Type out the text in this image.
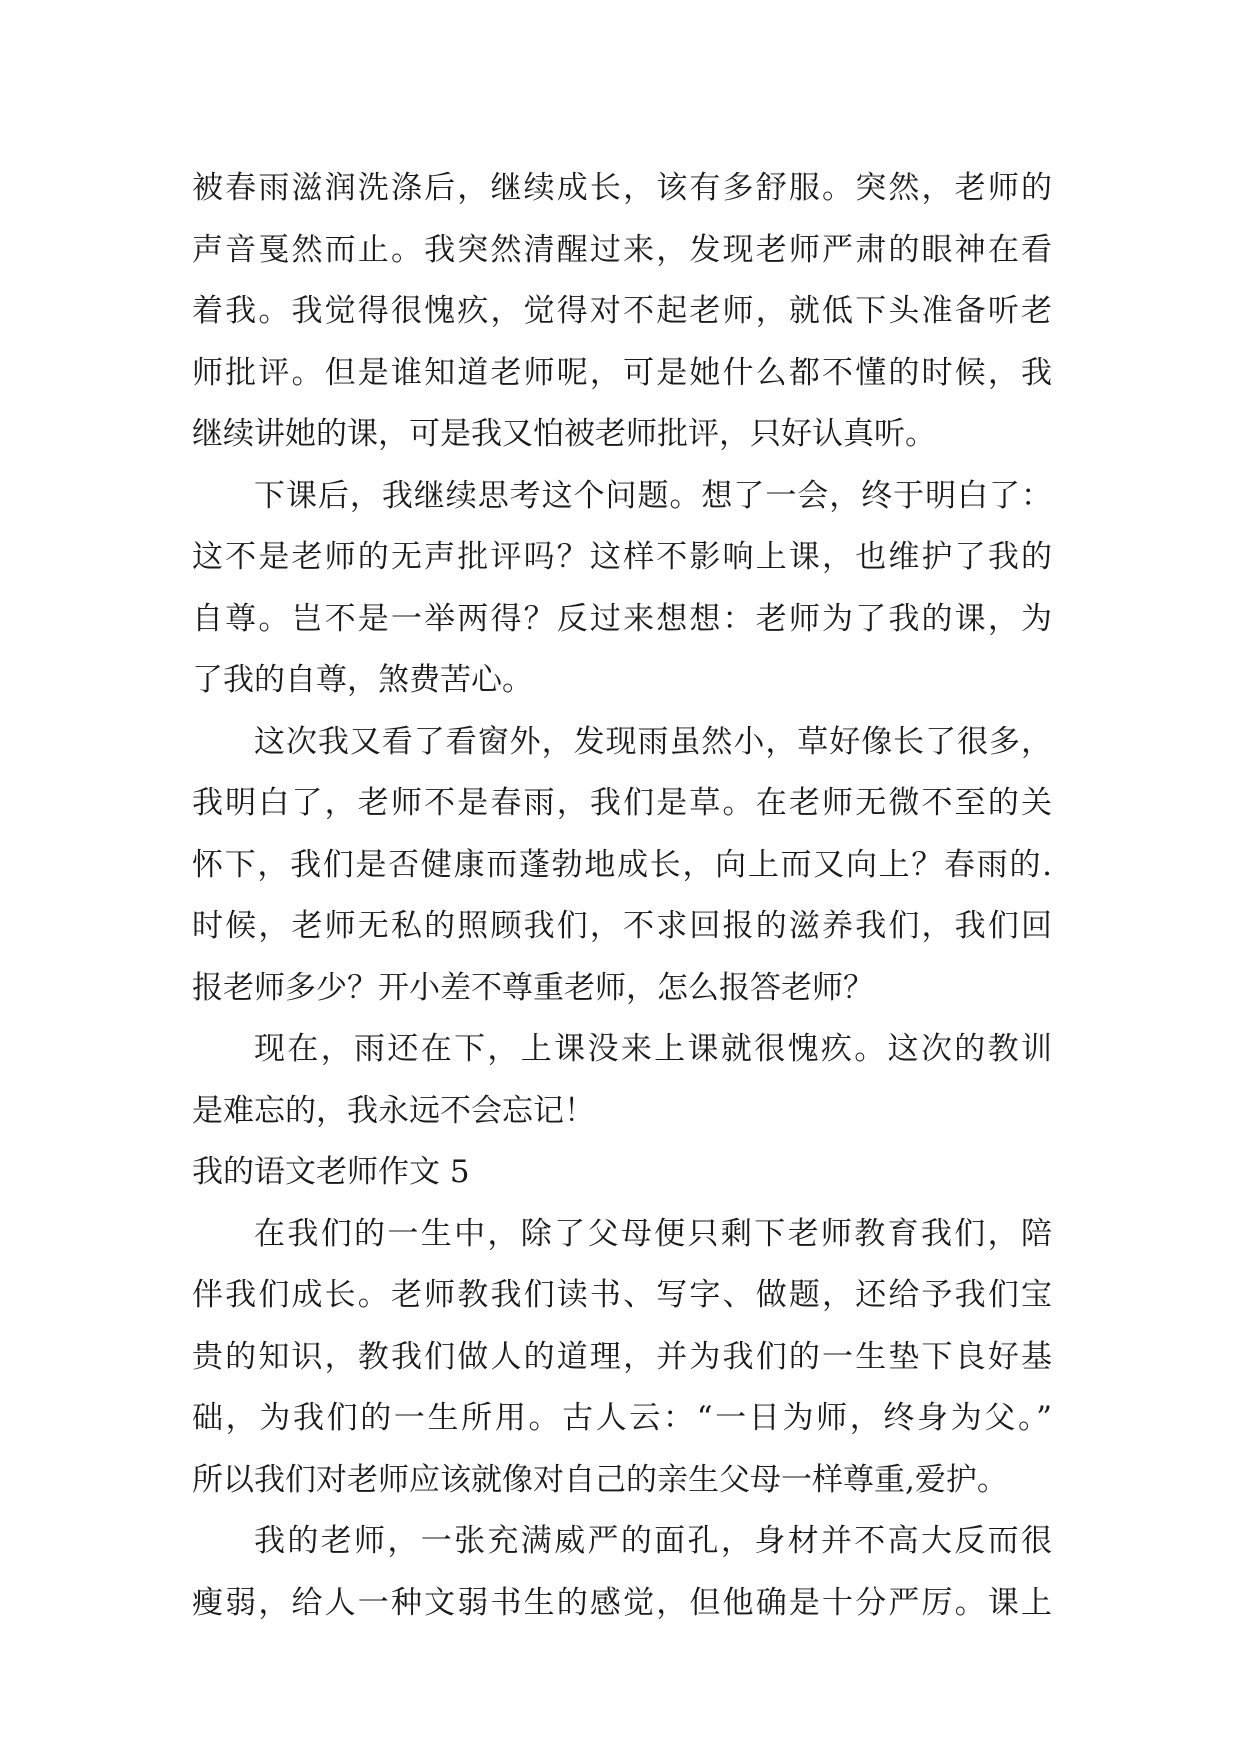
被春雨滋润洗涤后，继续成长，该有多舒服。突然，老师的
声音戛然而止。我突然清醒过来，发现老师严肃的眼神在看
着我。我觉得很愧疚，觉得对不起老师，就低下头准备听老
师批评。但是谁知道老师呢，可是她什么都不懂的时候，我
继续讲她的课，可是我又怕被老师批评，只好认真听。
下课后，我继续思考这个问题。想了一会，终于明白了：
这不是老师的无声批评吗？这样不影响上课，也维护了我的
自尊。岂不是一举两得？反过来想想：老师为了我的课，为
了我的自尊，煞费苦心。
这次我又看了看窗外，发现雨虽然小，草好像长了很多，
我明白了，老师不是春雨，我们是草。在老师无微不至的关
怀下，我们是否健康而蓬勃地成长，向上而又向上？春雨的.
时候，老师无私的照顾我们，不求回报的滋养我们，我们回
报老师多少？开小差不尊重老师，怎么报答老师？
现在，雨还在下，上课没来上课就很愧疚。这次的教训
是难忘的，我永远不会忘记！
我的语文老师作文 5
在我们的一生中，除了父母便只剩下老师教育我们，陪
伴我们成长。老师教我们读书、写字、做题，还给予我们宝
贵的知识，教我们做人的道理，并为我们的一生垫下良好基
础，为我们的一生所用。古人云：“一日为师，终身为父。”
所以我们对老师应该就像对自己的亲生父母一样尊重,爱护。
我的老师，一张充满威严的面孔，身材并不高大反而很
瘦弱，给人一种文弱书生的感觉，但他确是十分严厉。课上
